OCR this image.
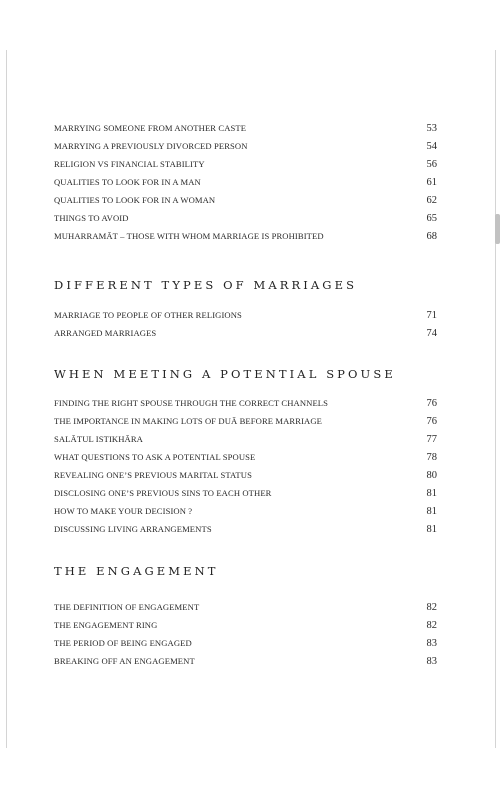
MARRYING SOMEONE FROM ANOTHER CASTE	53
MARRYING A PREVIOUSLY DIVORCED PERSON	54
RELIGION VS FINANCIAL STABILITY	56
QUALITIES TO LOOK FOR IN A MAN	61
QUALITIES TO LOOK FOR IN A WOMAN	62
THINGS TO AVOID	65
MUHARRAMĀT – THOSE WITH WHOM MARRIAGE IS PROHIBITED	68
DIFFERENT TYPES OF MARRIAGES
MARRIAGE TO PEOPLE OF OTHER RELIGIONS	71
ARRANGED MARRIAGES	74
WHEN MEETING A POTENTIAL SPOUSE
FINDING THE RIGHT SPOUSE THROUGH THE CORRECT CHANNELS	76
THE IMPORTANCE IN MAKING LOTS OF DUĀ BEFORE MARRIAGE	76
SALĀTUL ISTIKHĀRA	77
WHAT QUESTIONS TO ASK A POTENTIAL SPOUSE	78
REVEALING ONE’S PREVIOUS MARITAL STATUS	80
DISCLOSING ONE’S PREVIOUS SINS TO EACH OTHER	81
HOW TO MAKE YOUR DECISION ?	81
DISCUSSING LIVING ARRANGEMENTS	81
THE ENGAGEMENT
THE DEFINITION OF ENGAGEMENT	82
THE ENGAGEMENT RING	82
THE PERIOD OF BEING ENGAGED	83
BREAKING OFF AN ENGAGEMENT	83
